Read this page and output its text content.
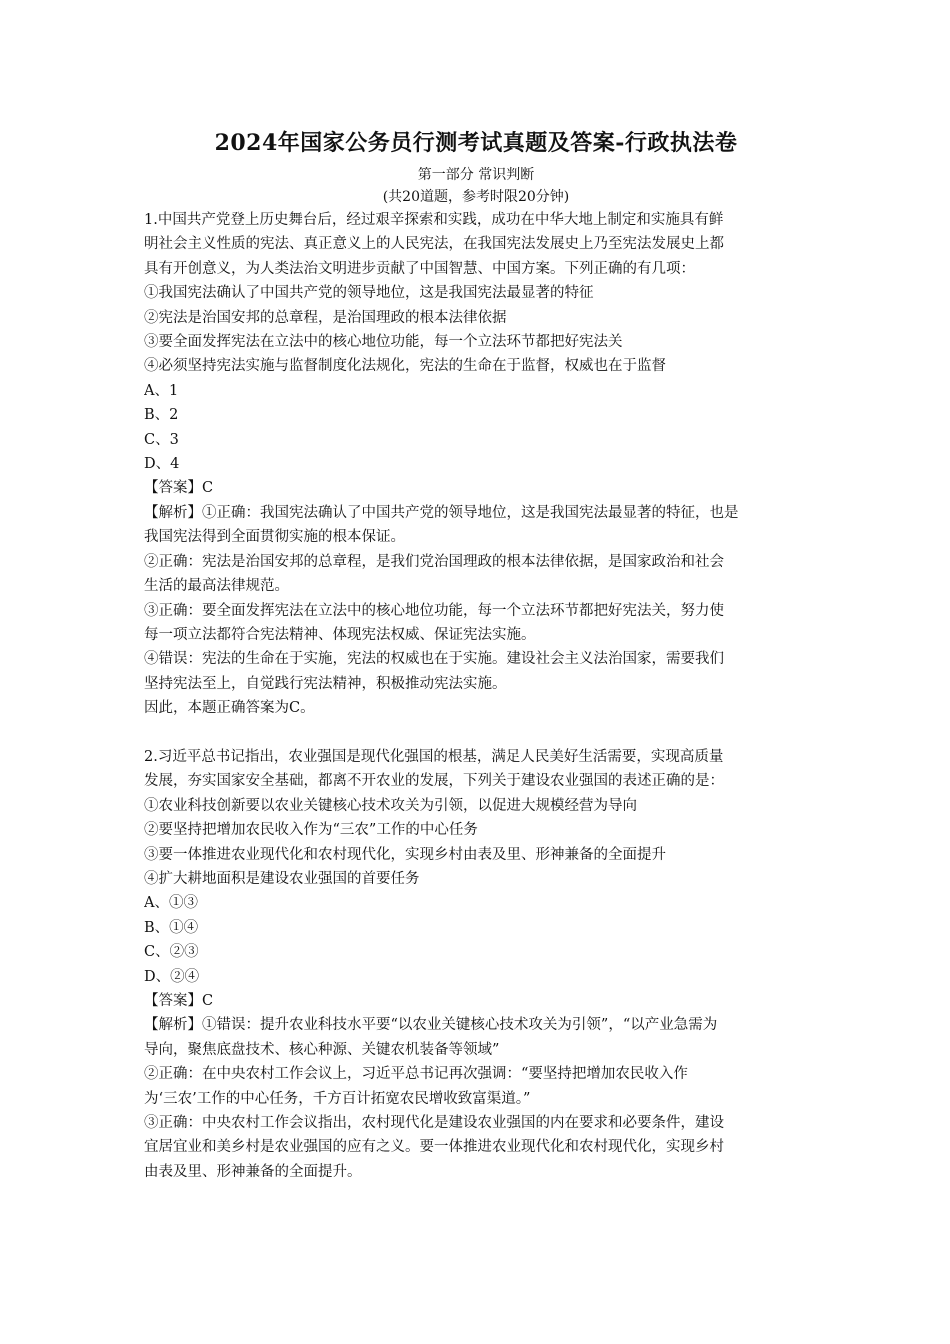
2024年国家公务员行测考试真题及答案-行政执法卷
第一部分 常识判断
(共20道题，参考时限20分钟)
1.中国共产党登上历史舞台后，经过艰辛探索和实践，成功在中华大地上制定和实施具有鲜
明社会主义性质的宪法、真正意义上的人民宪法，在我国宪法发展史上乃至宪法发展史上都
具有开创意义，为人类法治文明进步贡献了中国智慧、中国方案。下列正确的有几项：
①我国宪法确认了中国共产党的领导地位，这是我国宪法最显著的特征
②宪法是治国安邦的总章程，是治国理政的根本法律依据
③要全面发挥宪法在立法中的核心地位功能，每一个立法环节都把好宪法关
④必须坚持宪法实施与监督制度化法规化，宪法的生命在于监督，权威也在于监督
A、1
B、2
C、3
D、4
【答案】C
【解析】①正确：我国宪法确认了中国共产党的领导地位，这是我国宪法最显著的特征，也是
我国宪法得到全面贯彻实施的根本保证。
②正确：宪法是治国安邦的总章程，是我们党治国理政的根本法律依据，是国家政治和社会
生活的最高法律规范。
③正确：要全面发挥宪法在立法中的核心地位功能，每一个立法环节都把好宪法关，努力使
每一项立法都符合宪法精神、体现宪法权威、保证宪法实施。
④错误：宪法的生命在于实施，宪法的权威也在于实施。建设社会主义法治国家，需要我们
坚持宪法至上，自觉践行宪法精神，积极推动宪法实施。
因此，本题正确答案为C。
2.习近平总书记指出，农业强国是现代化强国的根基，满足人民美好生活需要，实现高质量
发展，夯实国家安全基础，都离不开农业的发展，下列关于建设农业强国的表述正确的是：
①农业科技创新要以农业关键核心技术攻关为引领，以促进大规模经营为导向
②要坚持把增加农民收入作为“三农”工作的中心任务
③要一体推进农业现代化和农村现代化，实现乡村由表及里、形神兼备的全面提升
④扩大耕地面积是建设农业强国的首要任务
A、①③
B、①④
C、②③
D、②④
【答案】C
【解析】①错误：提升农业科技水平要“以农业关键核心技术攻关为引领”，“以产业急需为
导向，聚焦底盘技术、核心种源、关键农机装备等领域”
②正确：在中央农村工作会议上，习近平总书记再次强调：“要坚持把增加农民收入作
为‘三农’工作的中心任务，千方百计拓宽农民增收致富渠道。”
③正确：中央农村工作会议指出，农村现代化是建设农业强国的内在要求和必要条件，建设
宜居宜业和美乡村是农业强国的应有之义。要一体推进农业现代化和农村现代化，实现乡村
由表及里、形神兼备的全面提升。
